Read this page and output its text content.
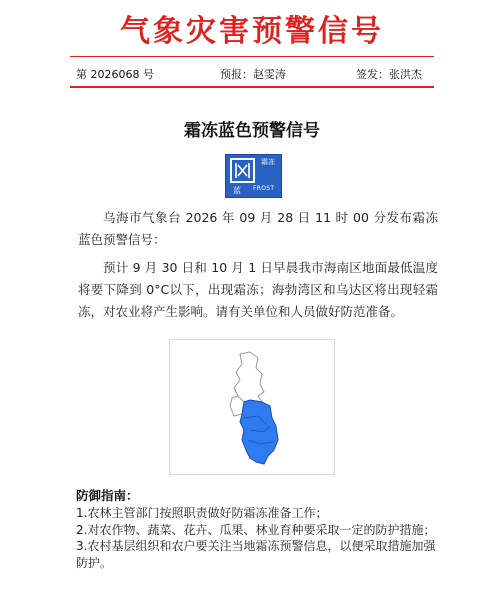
气象灾害预警信号
第 2026068 号	预报：赵雯涛	签发：张洪杰
霜冻蓝色预警信号
蓝
霜冻
FROST
乌海市气象台 2026 年 09 月 28 日 11 时 00 分发布霜冻蓝色预警信号：
预计 9 月 30 日和 10 月 1 日早晨我市海南区地面最低温度将要下降到 0°C以下，出现霜冻；海勃湾区和乌达区将出现轻霜冻，对农业将产生影响。请有关单位和人员做好防范准备。
防御指南：
1.农林主管部门按照职责做好防霜冻准备工作；
2.对农作物、蔬菜、花卉、瓜果、林业育种要采取一定的防护措施；
3.农村基层组织和农户要关注当地霜冻预警信息，以便采取措施加强防护。
